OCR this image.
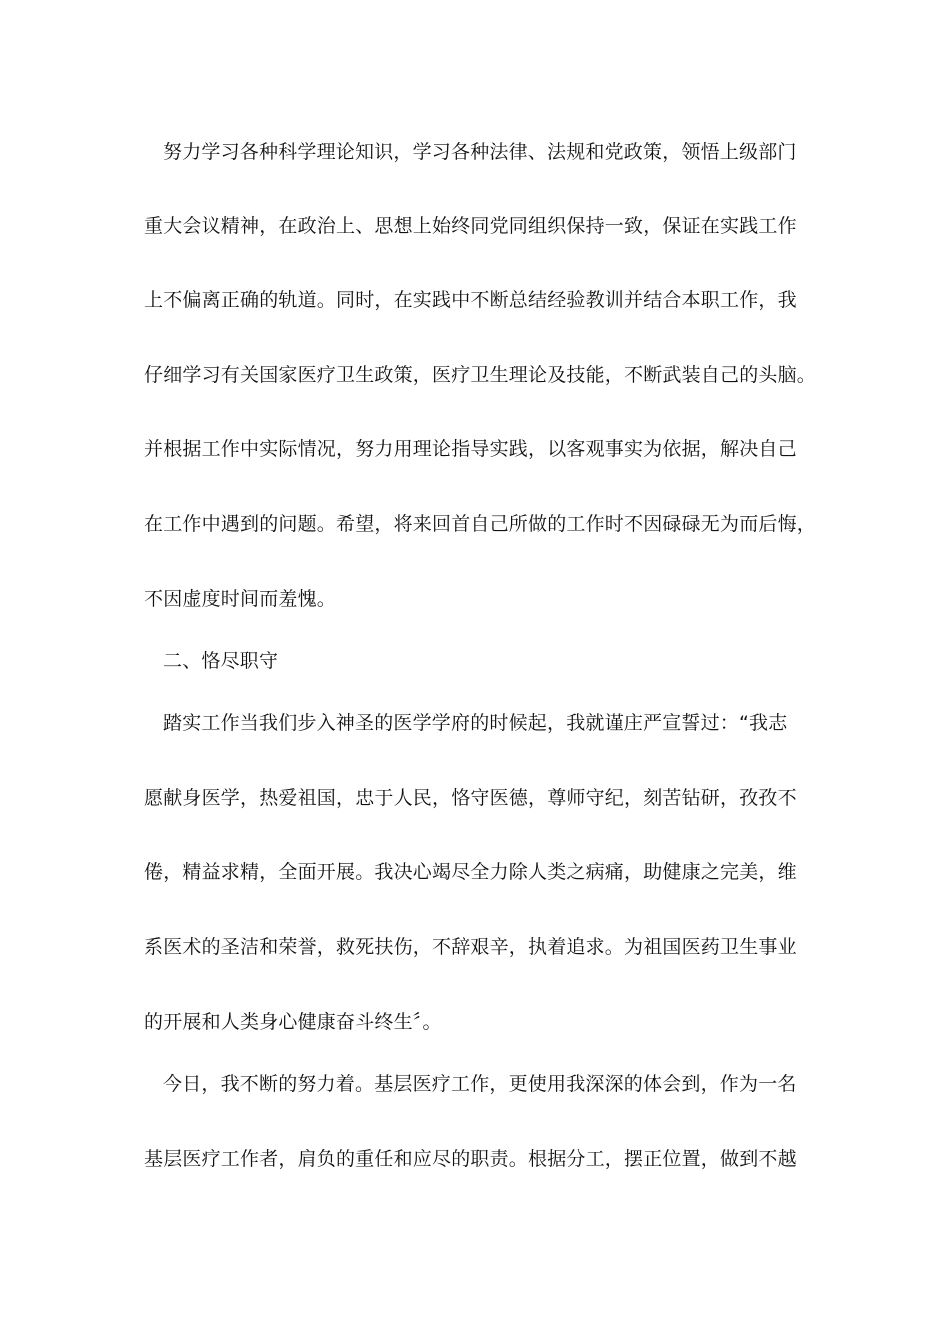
努力学习各种科学理论知识，学习各种法律、法规和党政策，领悟上级部门
重大会议精神，在政治上、思想上始终同党同组织保持一致，保证在实践工作
上不偏离正确的轨道。同时，在实践中不断总结经验教训并结合本职工作，我
仔细学习有关国家医疗卫生政策，医疗卫生理论及技能，不断武装自己的头脑。
并根据工作中实际情况，努力用理论指导实践，以客观事实为依据，解决自己
在工作中遇到的问题。希望，将来回首自己所做的工作时不因碌碌无为而后悔，
不因虚度时间而羞愧。
二、恪尽职守
踏实工作当我们步入神圣的医学学府的时候起，我就谨庄严宣誓过：“我志
愿献身医学，热爱祖国，忠于人民，恪守医德，尊师守纪，刻苦钻研，孜孜不
倦，精益求精，全面开展。我决心竭尽全力除人类之病痛，助健康之完美，维
系医术的圣洁和荣誉，救死扶伤，不辞艰辛，执着追求。为祖国医药卫生事业
的开展和人类身心健康奋斗终生〞。
今日，我不断的努力着。基层医疗工作，更使用我深深的体会到，作为一名
基层医疗工作者，肩负的重任和应尽的职责。根据分工，摆正位置，做到不越
